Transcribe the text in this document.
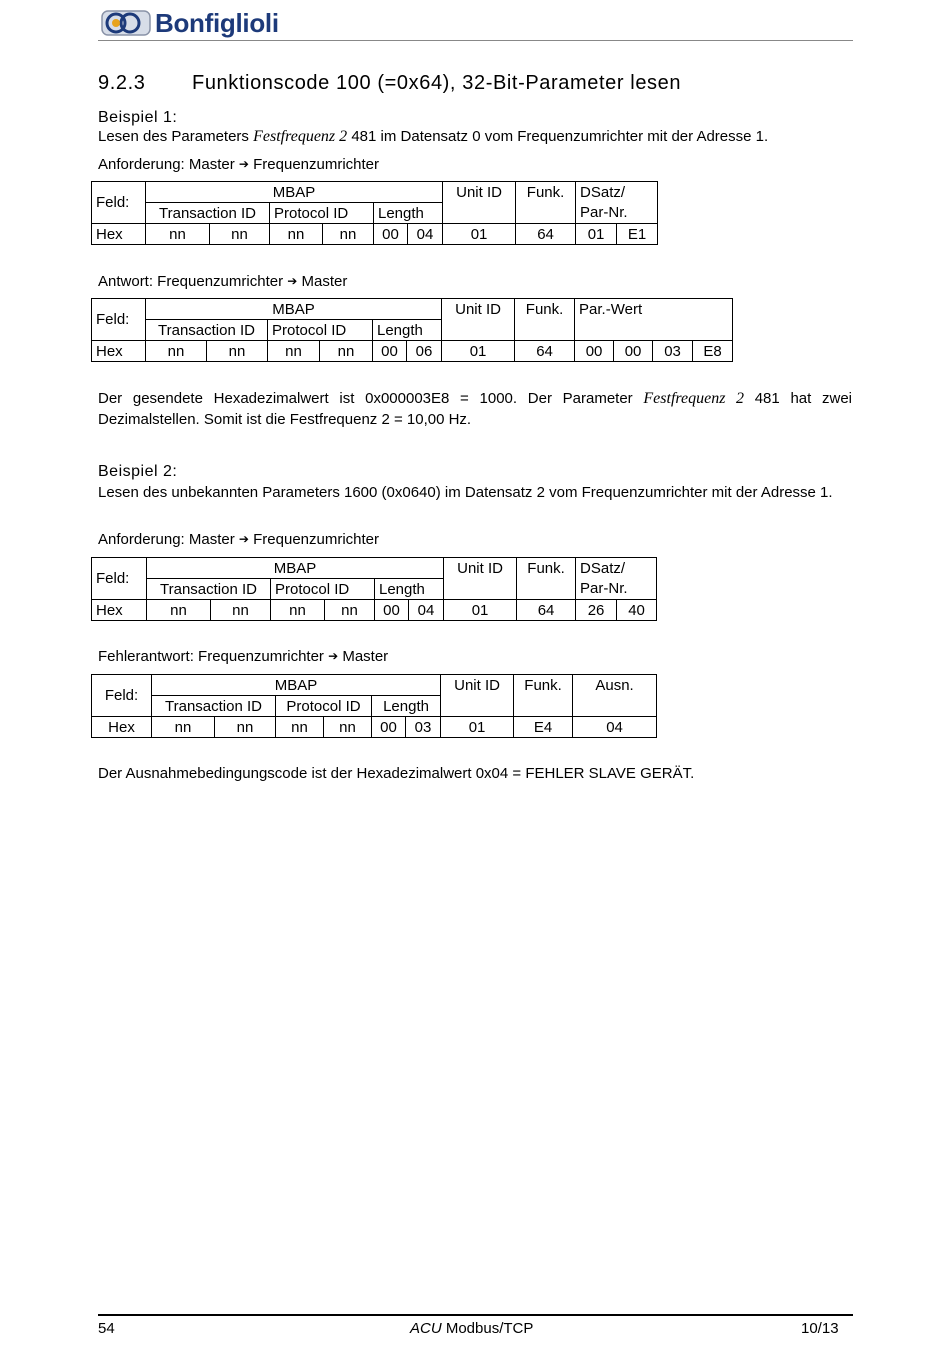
Bonfiglioli
9.2.3 Funktionscode 100 (=0x64), 32-Bit-Parameter lesen
Beispiel 1:
Lesen des Parameters Festfrequenz 2 481 im Datensatz 0 vom Frequenzumrichter mit der Adresse 1.
Anforderung: Master ➔ Frequenzumrichter
Feld:	MBAP						Unit ID	Funk.	DSatz/	
	Transaction ID		Protocol ID		Length				Par-Nr.	
Hex	nn	nn	nn	nn	00	04	01	64	01	E1
Antwort: Frequenzumrichter ➔ Master
Feld:	MBAP						Unit ID	Funk.	Par.-Wert			
	Transaction ID		Protocol ID		Length							
Hex	nn	nn	nn	nn	00	06	01	64	00	00	03	E8
Der gesendete Hexadezimalwert ist 0x000003E8 = 1000. Der Parameter Festfrequenz 2 481 hat zwei Dezimalstellen. Somit ist die Festfrequenz 2 = 10,00 Hz.
Beispiel 2:
Lesen des unbekannten Parameters 1600 (0x0640) im Datensatz 2 vom Frequenzumrichter mit der Adresse 1.
Anforderung: Master ➔ Frequenzumrichter
Feld:	MBAP						Unit ID	Funk.	DSatz/	
	Transaction ID		Protocol ID		Length				Par-Nr.	
Hex	nn	nn	nn	nn	00	04	01	64	26	40
Fehlerantwort: Frequenzumrichter ➔ Master
Feld:	MBAP						Unit ID	Funk.	Ausn.
	Transaction ID		Protocol ID		Length				
Hex	nn	nn	nn	nn	00	03	01	E4	04
Der Ausnahmebedingungscode ist der Hexadezimalwert 0x04 = FEHLER SLAVE GERÄT.
54	ACU Modbus/TCP	10/13
